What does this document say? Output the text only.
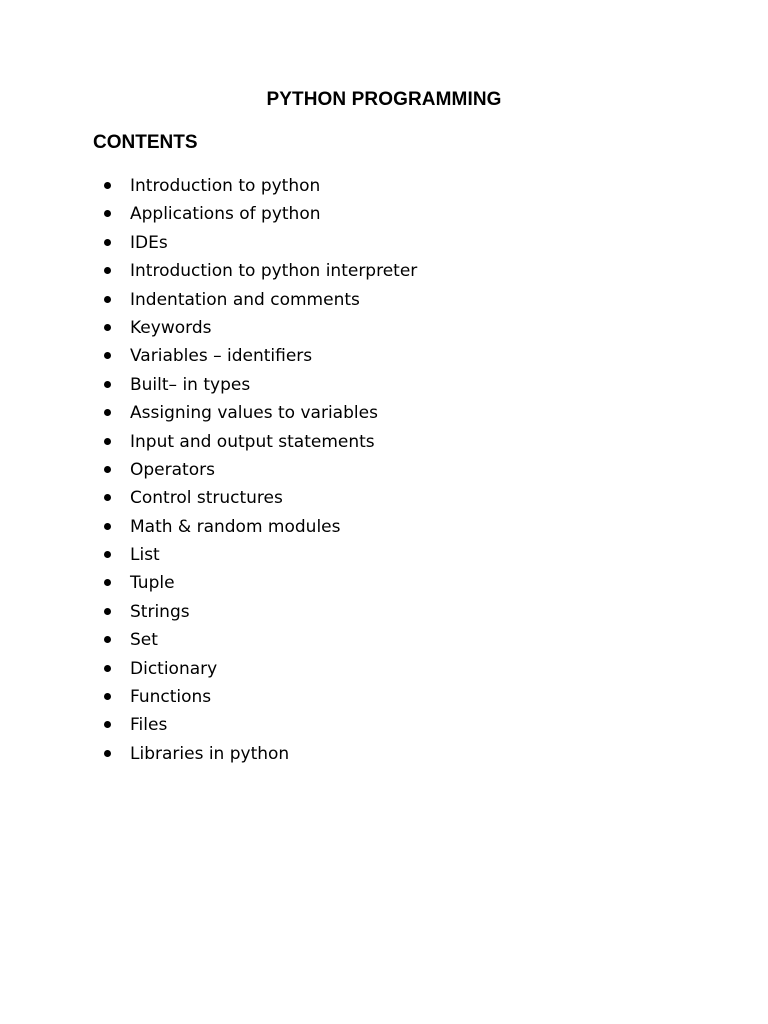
PYTHON PROGRAMMING
CONTENTS
Introduction to python
Applications of python
IDEs
Introduction to python interpreter
Indentation and comments
Keywords
Variables – identifiers
Built– in types
Assigning values to variables
Input and output statements
Operators
Control structures
Math & random modules
List
Tuple
Strings
Set
Dictionary
Functions
Files
Libraries in python
